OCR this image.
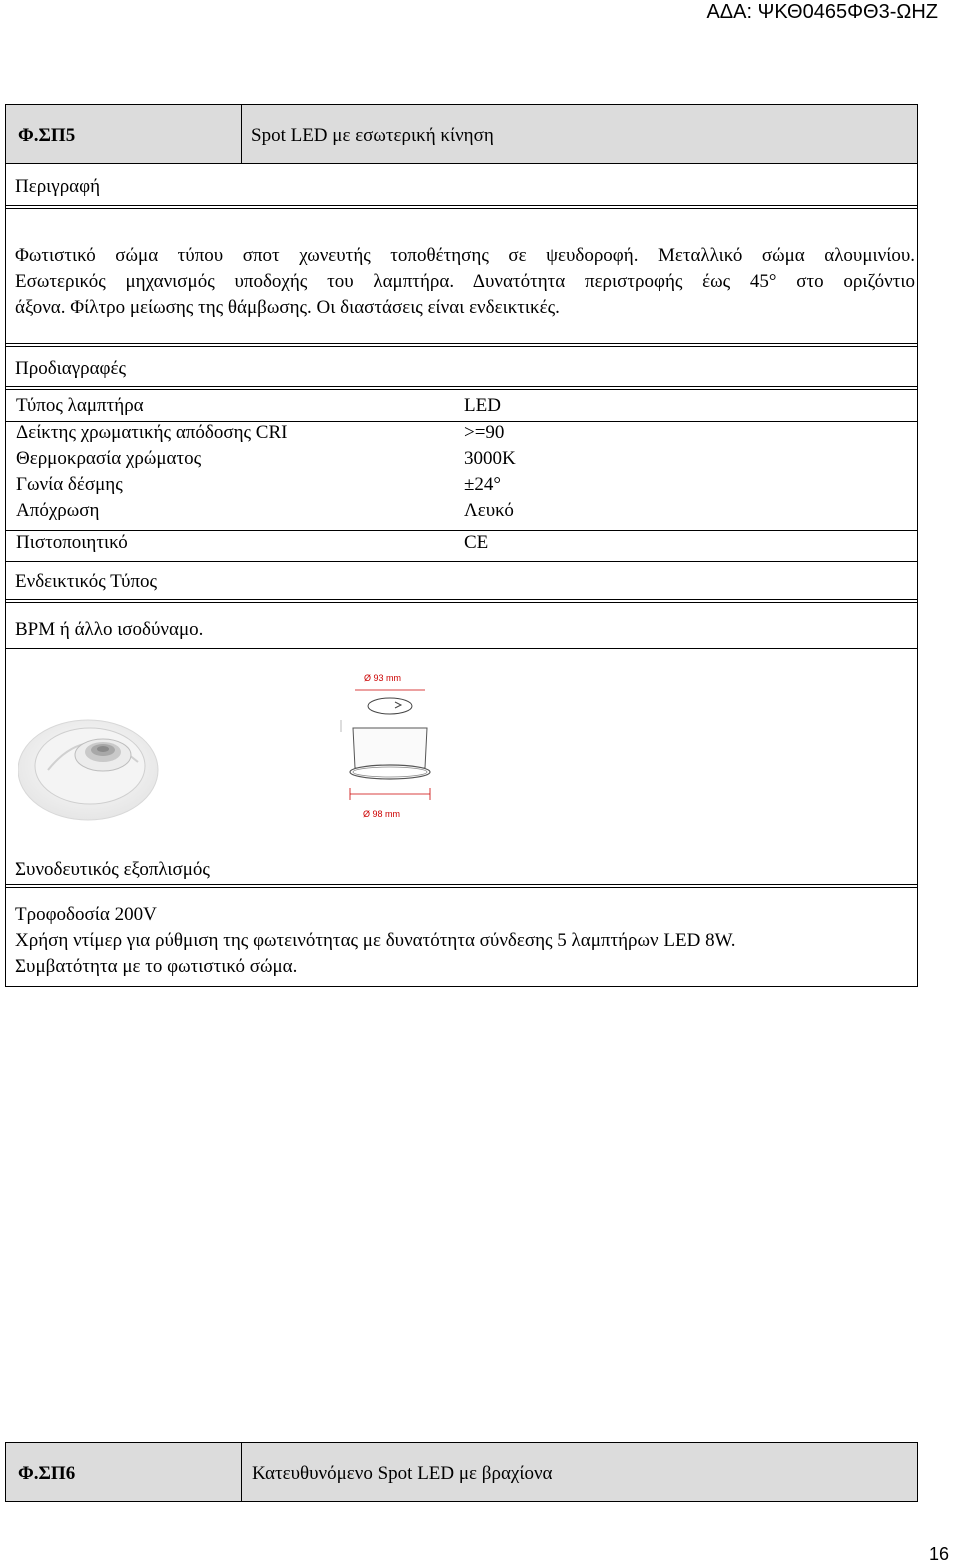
ΑΔΑ: ΨΚΘ0465ΦΘ3-ΩΗΖ
Φ.ΣΠ5	Spot LED με εσωτερική κίνηση
Περιγραφή
Φωτιστικό σώμα τύπου σποτ χωνευτής τοποθέτησης σε ψευδοροφή. Μεταλλικό σώμα αλουμινίου.
Εσωτερικός μηχανισμός υποδοχής του λαμπτήρα. Δυνατότητα περιστροφής έως 45° στο οριζόντιο
άξονα. Φίλτρο μείωσης της θάμβωσης. Οι διαστάσεις είναι ενδεικτικές.
Προδιαγραφές
Τύπος λαμπτήρα	LED
Δείκτης χρωματικής απόδοσης CRI	>=90
Θερμοκρασία χρώματος	3000K
Γωνία δέσμης	±24°
Απόχρωση	Λευκό
Πιστοποιητικό	CE
Ενδεικτικός Τύπος
BPM ή άλλο ισοδύναμο.
Ø 93 mm
Ø 98 mm
Συνοδευτικός εξοπλισμός
Τροφοδοσία 200V
Χρήση ντίμερ για ρύθμιση της φωτεινότητας με δυνατότητα σύνδεσης 5 λαμπτήρων LED 8W.
Συμβατότητα με το φωτιστικό σώμα.
Φ.ΣΠ6	Κατευθυνόμενο Spot LED με βραχίονα
16
